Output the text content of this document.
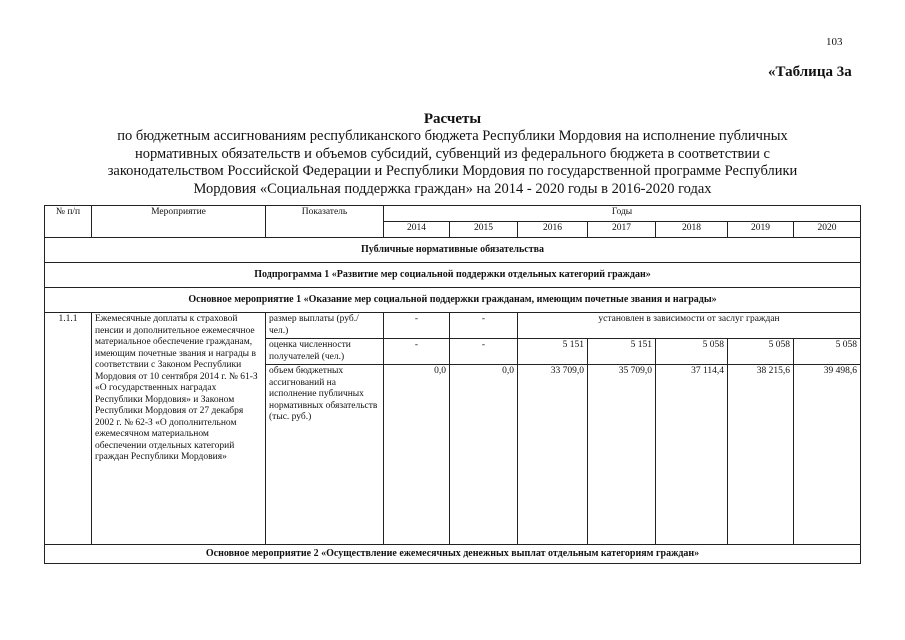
103
«Таблица 3а
Расчеты
по бюджетным ассигнованиям республиканского бюджета Республики Мордовия на исполнение публичных
нормативных обязательств и объемов субсидий, субвенций из федерального бюджета в соответствии с
законодательством Российской Федерации и Республики Мордовия по государственной программе Республики
Мордовия «Социальная поддержка граждан» на 2014 - 2020 годы в 2016-2020 годах
№ п/п	Мероприятие	Показатель	Годы						
			2014	2015	2016	2017	2018	2019	2020
Публичные нормативные обязательства									
Подпрограмма 1 «Развитие мер социальной поддержки отдельных категорий граждан»									
Основное мероприятие 1 «Оказание мер социальной поддержки гражданам, имеющим почетные звания и награды»									
1.1.1	Ежемесячные доплаты к страховой пенсии и дополнительное ежемесячное материальное обеспечение гражданам, имеющим почетные звания и награды в соответствии с Законом Республики Мордовия от 10 сентября 2014 г. № 61-З «О государственных наградах Республики Мордовия» и Законом Республики Мордовия от 27 декабря 2002 г. № 62-З «О дополнительном ежемесячном материальном обеспечении отдельных категорий граждан Республики Мордовия»	размер выплаты (руб./ чел.)	-	-	установлен в зависимости от заслуг граждан				
		оценка численности получателей (чел.)	-	-	5 151	5 151	5 058	5 058	5 058
		объем бюджетных ассигнований на исполнение публичных нормативных обязательств (тыс. руб.)	0,0	0,0	33 709,0	35 709,0	37 114,4	38 215,6	39 498,6
Основное мероприятие 2 «Осуществление ежемесячных денежных выплат отдельным категориям граждан»									
